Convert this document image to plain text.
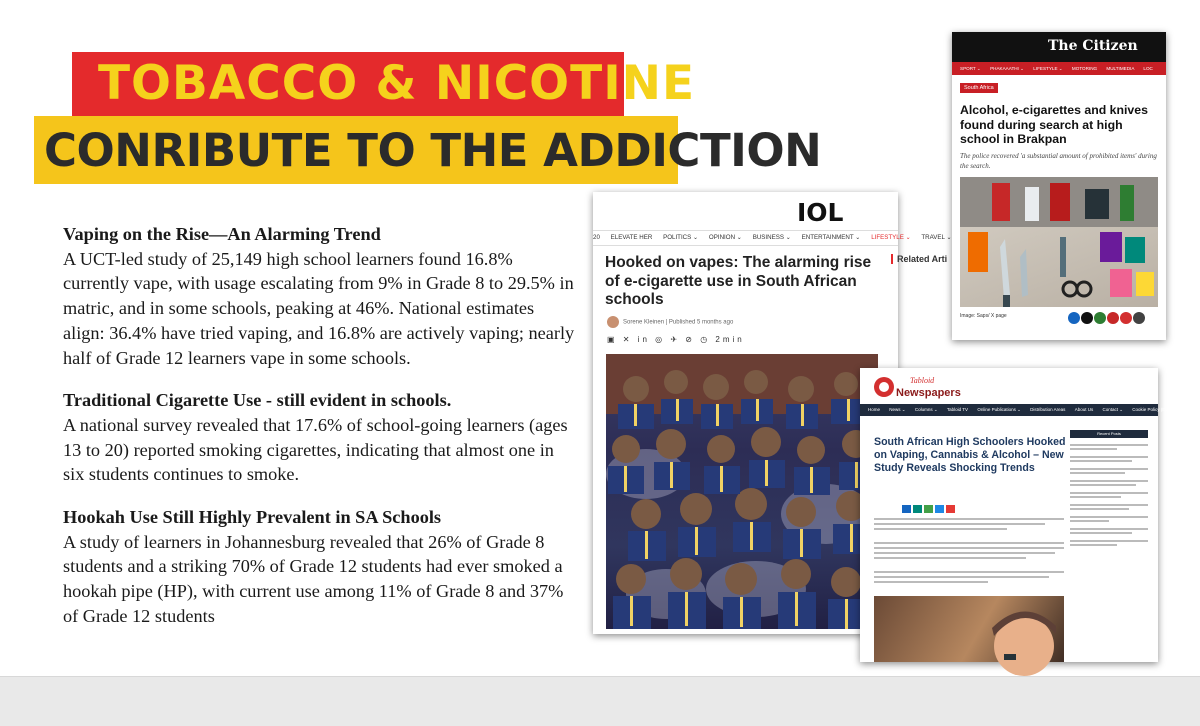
TOBACCO & NICOTINE
CONRIBUTE TO THE ADDICTION
Vaping on the Rise—An Alarming Trend

A UCT-led study of 25,149 high school learners found 16.8% currently vape, with usage escalating from 9% in Grade 8 to 29.5% in matric, and in some schools, peaking at 46%. National estimates align: 36.4% have tried vaping, and 16.8% are actively vaping; nearly half of Grade 12 learners vape in some schools.

Traditional Cigarette Use - still evident in schools.

A national survey revealed that 17.6% of school-going learners (ages 13 to 20) reported smoking cigarettes, indicating that almost one in six students continues to smoke.

Hookah Use Still Highly Prevalent in SA Schools

A study of learners in Johannesburg revealed that 26% of Grade 8 students and a striking 70% of Grade 12 students had ever smoked a hookah pipe (HP), with current use among 11% of Grade 8 and 37% of Grade 12 students

IOL
20 ELEVATE HER POLITICS ⌄ OPINION ⌄ BUSINESS ⌄ ENTERTAINMENT ⌄ LIFESTYLE ⌄ TRAVEL ⌄
Hooked on vapes: The alarming rise of e-cigarette use in South African schools
Sorene Kleinen | Published 5 months ago
▣ ✕ in ◎ ✈ ⊘ ◷ 2min
Related Arti
The Citizen
SPORT ⌄ PHAKAAATHI ⌄ LIFESTYLE ⌄ MOTORING MULTIMEDIA LOC
South Africa
Alcohol, e-cigarettes and knives found during search at high school in Brakpan
The police recovered 'a substantial amount of prohibited items' during the search.
Image: Saps/ X page
Tabloid
Newspapers
Home News ⌄ Columns ⌄ Tabloid TV Online Publications ⌄ Distribution Areas About Us Contact ⌄ Cookie Policy (EU)
South African High Schoolers Hooked on Vaping, Cannabis & Alcohol – New Study Reveals Shocking Trends
Recent Posts
